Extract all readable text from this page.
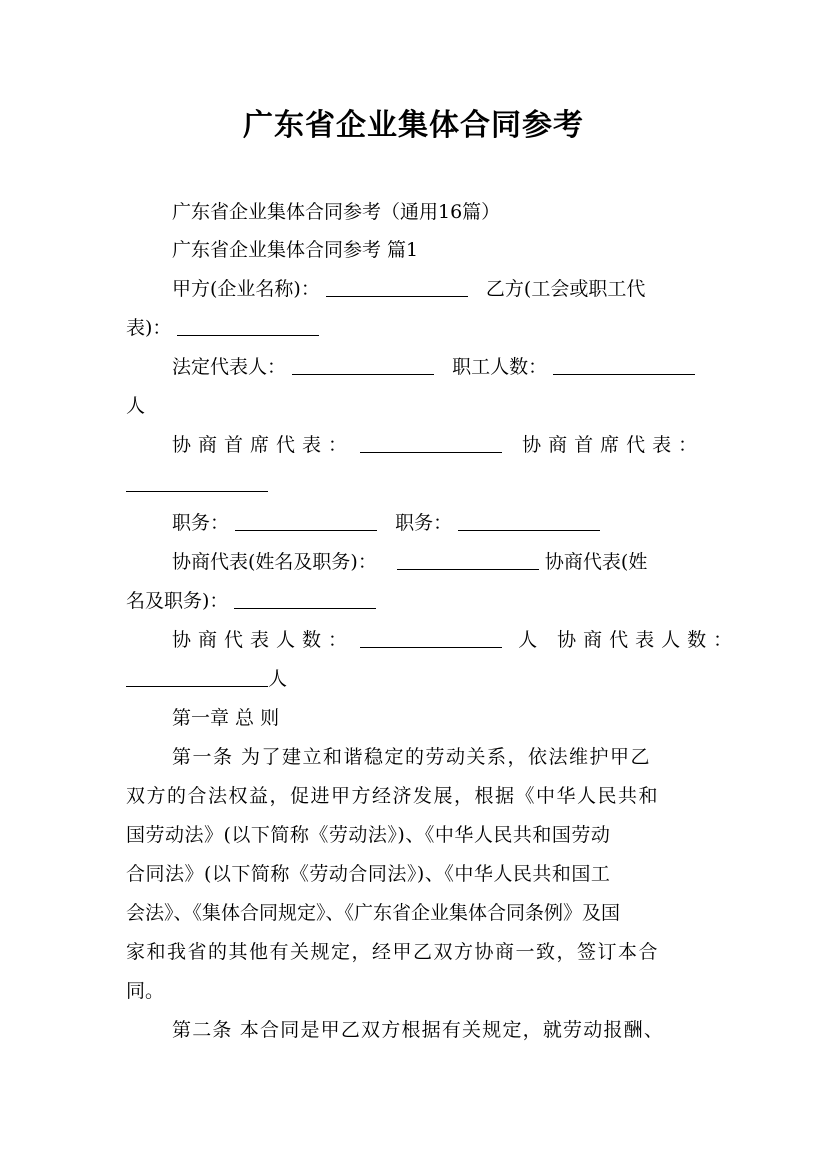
广东省企业集体合同参考
广东省企业集体合同参考（通用16篇）
广东省企业集体合同参考 篇1
甲方(企业名称)：	乙方(工会或职工代
表)：
法定代表人：	职工人数：
人
协商首席代表：	协商首席代表：
职务：	职务：
协商代表(姓名及职务)：	协商代表(姓
名及职务)：
协商代表人数：	人 协商代表人数：
人
第一章 总 则
第一条 为了建立和谐稳定的劳动关系，依法维护甲乙
双方的合法权益，促进甲方经济发展，根据《中华人民共和
国劳动法》(以下简称《劳动法》)、《中华人民共和国劳动
合同法》(以下简称《劳动合同法》)、《中华人民共和国工
会法》、《集体合同规定》、《广东省企业集体合同条例》及国
家和我省的其他有关规定，经甲乙双方协商一致，签订本合
同。
第二条 本合同是甲乙双方根据有关规定，就劳动报酬、
